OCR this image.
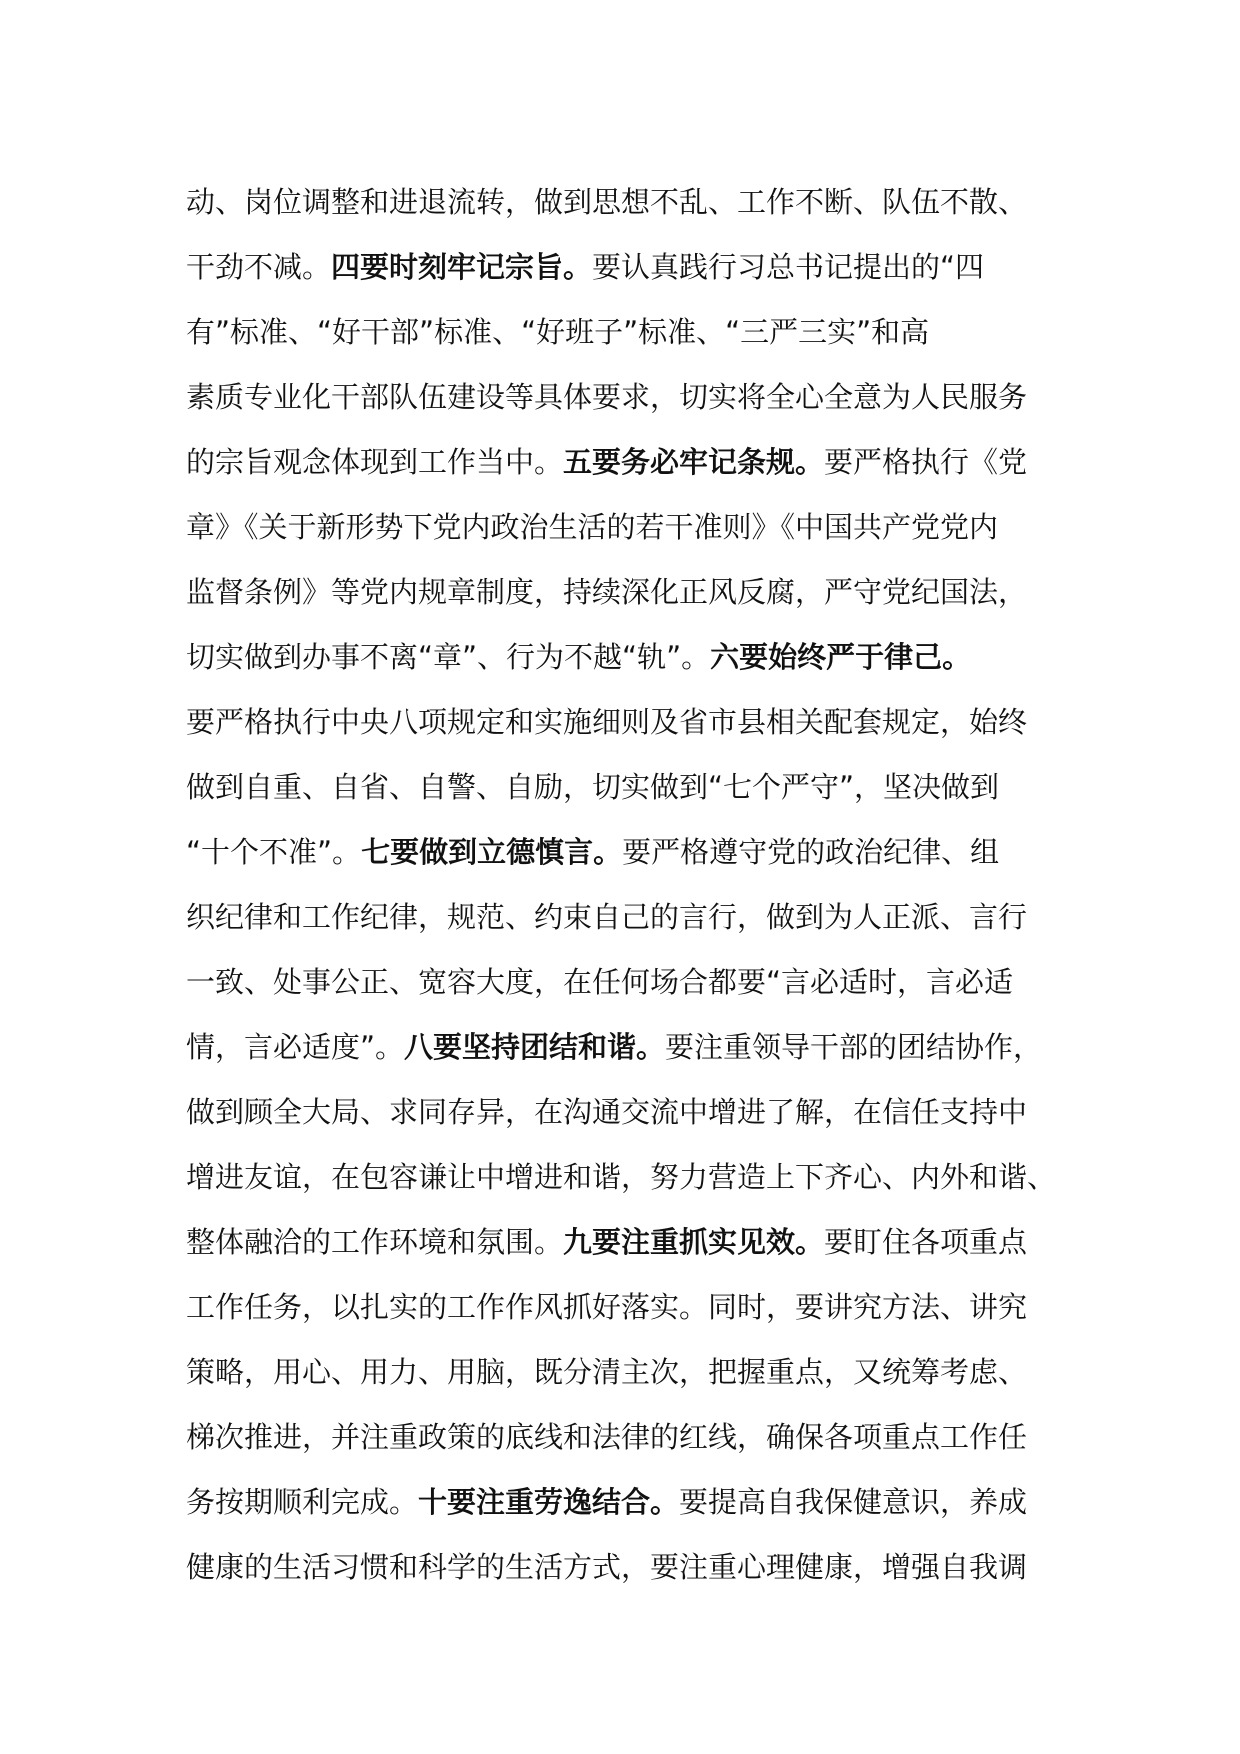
动、岗位调整和进退流转，做到思想不乱、工作不断、队伍不散、
干劲不减。四要时刻牢记宗旨。要认真践行习总书记提出的“四
有”标准、“好干部”标准、“好班子”标准、“三严三实”和高
素质专业化干部队伍建设等具体要求，切实将全心全意为人民服务
的宗旨观念体现到工作当中。五要务必牢记条规。要严格执行《党
章》《关于新形势下党内政治生活的若干准则》《中国共产党党内
监督条例》等党内规章制度，持续深化正风反腐，严守党纪国法，
切实做到办事不离“章”、行为不越“轨”。六要始终严于律己。
要严格执行中央八项规定和实施细则及省市县相关配套规定，始终
做到自重、自省、自警、自励，切实做到“七个严守”，坚决做到
“十个不准”。七要做到立德慎言。要严格遵守党的政治纪律、组
织纪律和工作纪律，规范、约束自己的言行，做到为人正派、言行
一致、处事公正、宽容大度，在任何场合都要“言必适时，言必适
情，言必适度”。八要坚持团结和谐。要注重领导干部的团结协作，
做到顾全大局、求同存异，在沟通交流中增进了解，在信任支持中
增进友谊，在包容谦让中增进和谐，努力营造上下齐心、内外和谐、
整体融洽的工作环境和氛围。九要注重抓实见效。要盯住各项重点
工作任务，以扎实的工作作风抓好落实。同时，要讲究方法、讲究
策略，用心、用力、用脑，既分清主次，把握重点，又统筹考虑、
梯次推进，并注重政策的底线和法律的红线，确保各项重点工作任
务按期顺利完成。十要注重劳逸结合。要提高自我保健意识，养成
健康的生活习惯和科学的生活方式，要注重心理健康，增强自我调
